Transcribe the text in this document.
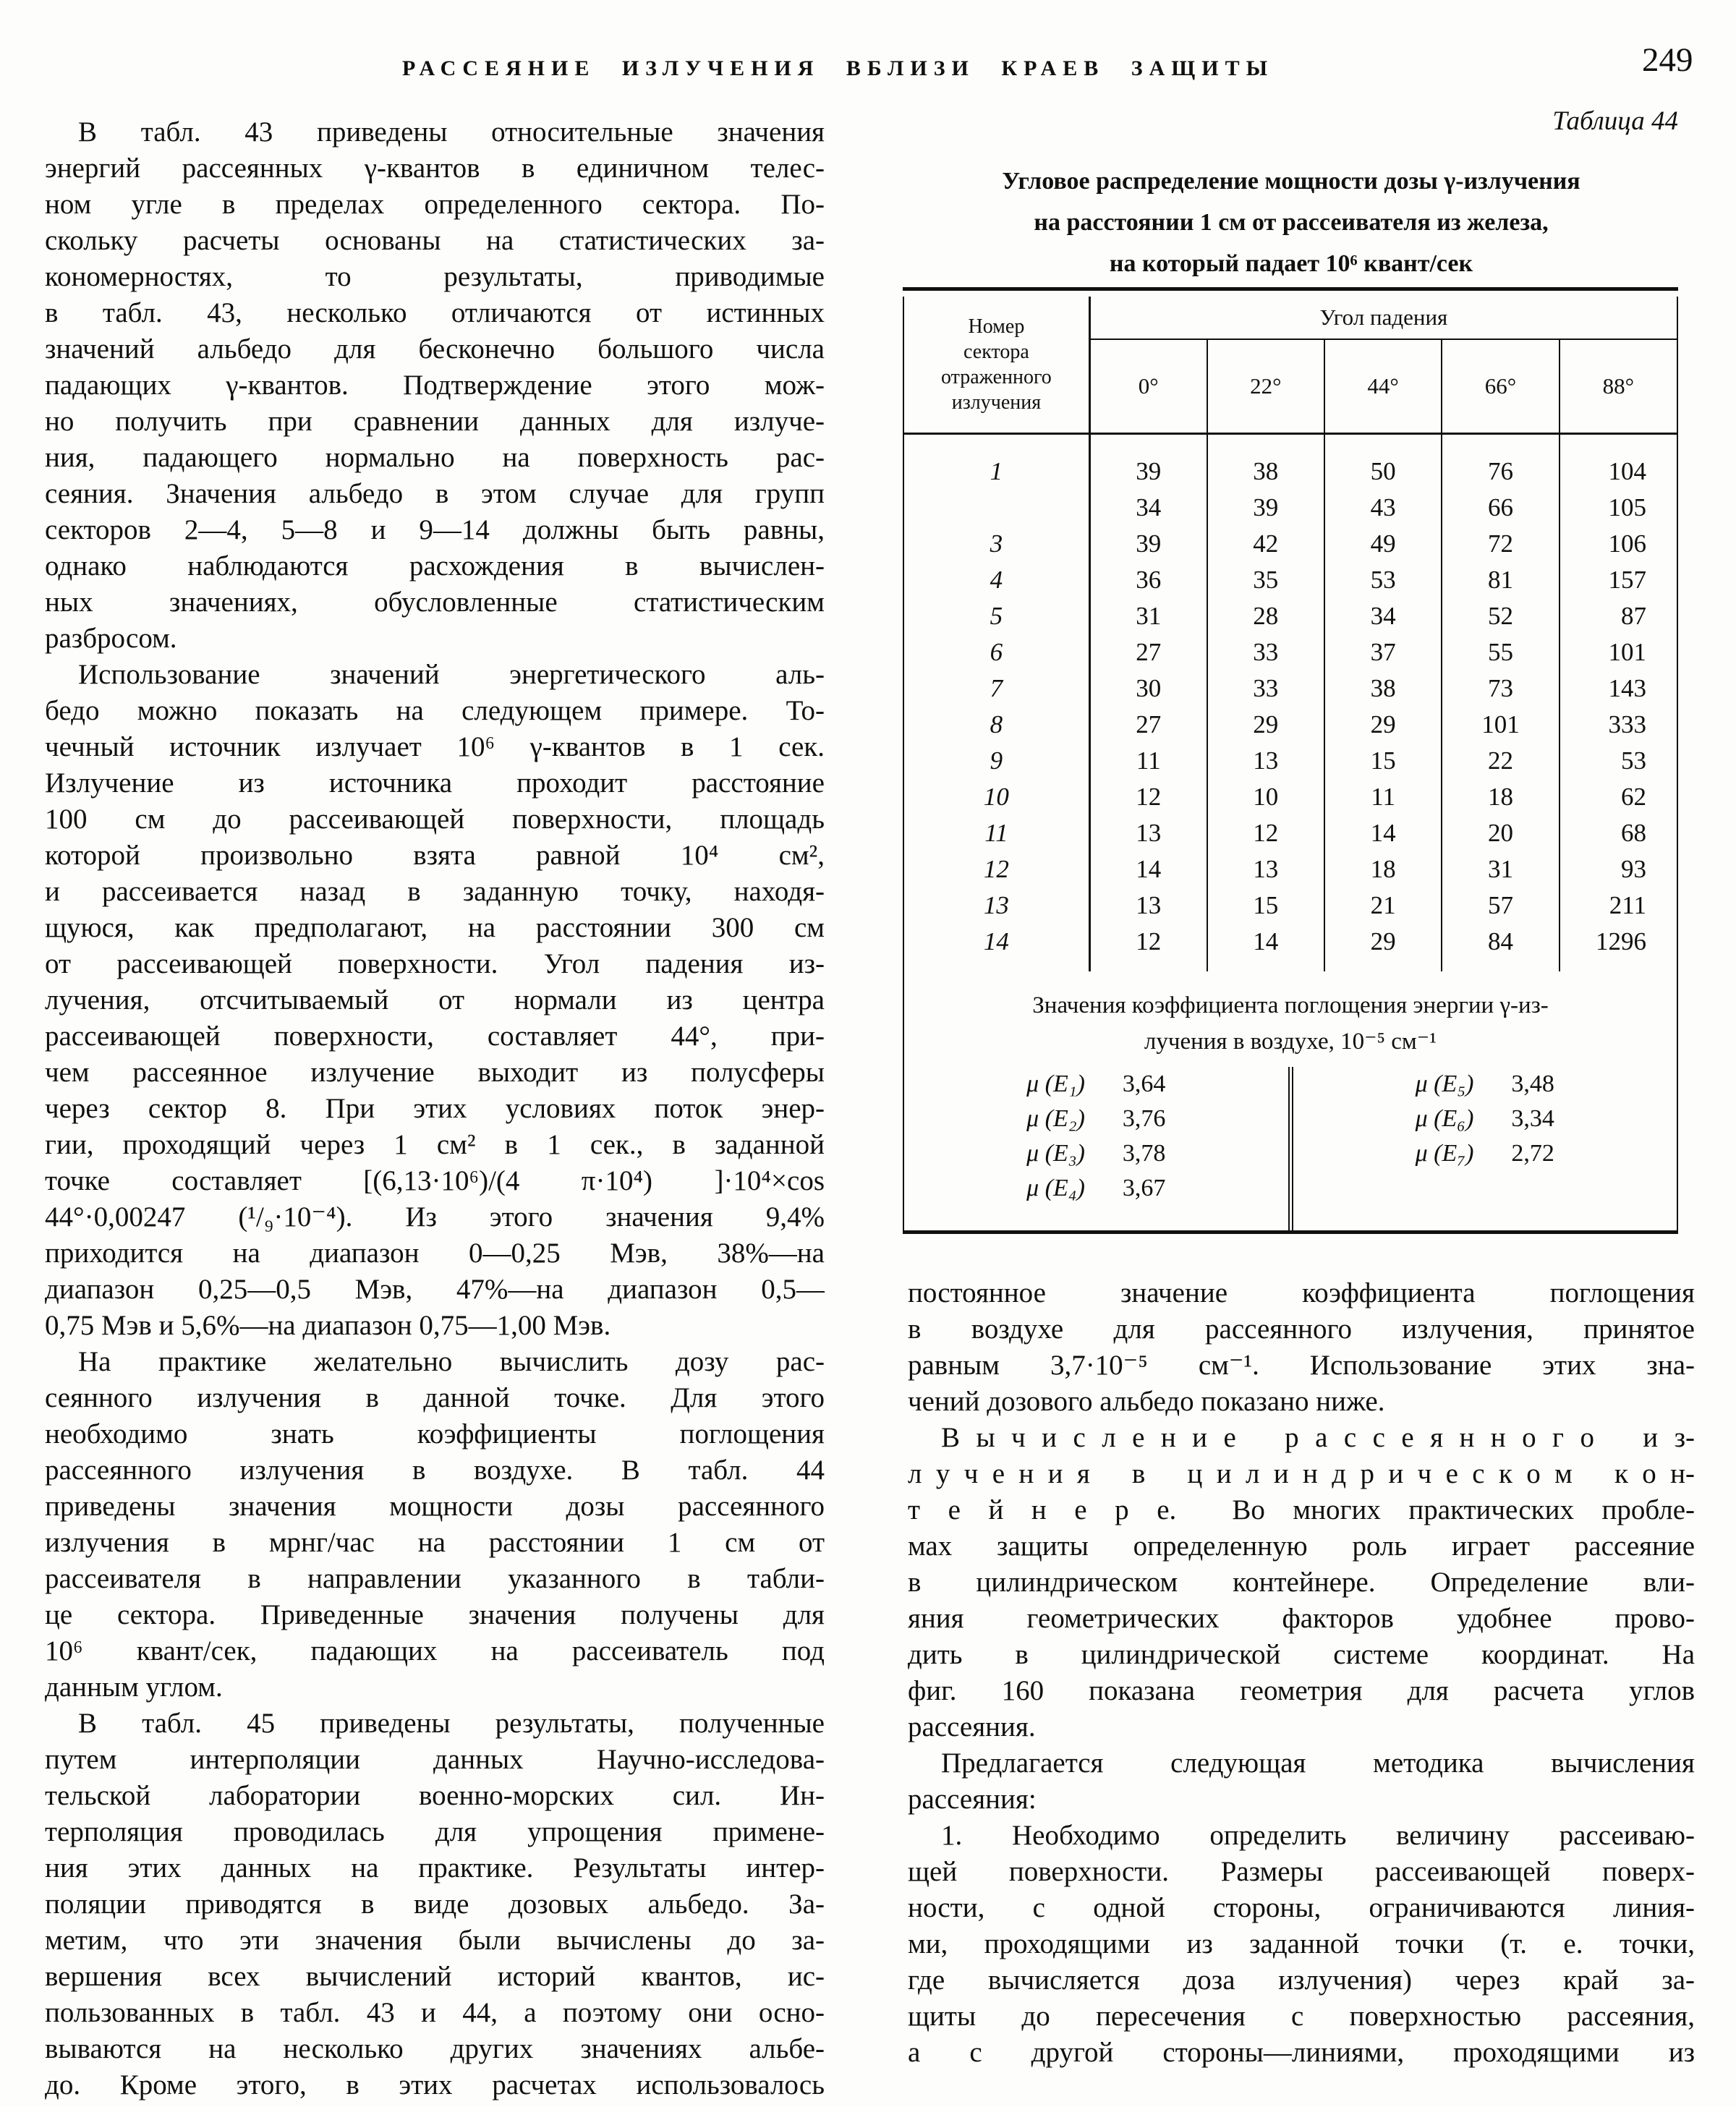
РАССЕЯНИЕ ИЗЛУЧЕНИЯ ВБЛИЗИ КРАЕВ ЗАЩИТЫ	249
В табл. 43 приведены относительные значения
энергий рассеянных γ-квантов в единичном телес-
ном угле в пределах определенного сектора. По-
скольку расчеты основаны на статистических за-
кономерностях, то результаты, приводимые
в табл. 43, несколько отличаются от истинных
значений альбедо для бесконечно большого числа
падающих γ-квантов. Подтверждение этого мож-
но получить при сравнении данных для излуче-
ния, падающего нормально на поверхность рас-
сеяния. Значения альбедо в этом случае для групп
секторов 2—4, 5—8 и 9—14 должны быть равны,
однако наблюдаются расхождения в вычислен-
ных значениях, обусловленные статистическим
разбросом.
Использование значений энергетического аль-
бедо можно показать на следующем примере. То-
чечный источник излучает 10⁶ γ-квантов в 1 сек.
Излучение из источника проходит расстояние
100 см до рассеивающей поверхности, площадь
которой произвольно взята равной 10⁴ см²,
и рассеивается назад в заданную точку, находя-
щуюся, как предполагают, на расстоянии 300 см
от рассеивающей поверхности. Угол падения из-
лучения, отсчитываемый от нормали из центра
рассеивающей поверхности, составляет 44°, при-
чем рассеянное излучение выходит из полусферы
через сектор 8. При этих условиях поток энер-
гии, проходящий через 1 см² в 1 сек., в заданной
точке составляет [(6,13·10⁶)/(4 π·10⁴) ]·10⁴×cos
44°·0,00247 (¹/₉·10⁻⁴). Из этого значения 9,4%
приходится на диапазон 0—0,25 Мэв, 38%—на
диапазон 0,25—0,5 Мэв, 47%—на диапазон 0,5—
0,75 Мэв и 5,6%—на диапазон 0,75—1,00 Мэв.
На практике желательно вычислить дозу рас-
сеянного излучения в данной точке. Для этого
необходимо знать коэффициенты поглощения
рассеянного излучения в воздухе. В табл. 44
приведены значения мощности дозы рассеянного
излучения в мрнг/час на расстоянии 1 см от
рассеивателя в направлении указанного в табли-
це сектора. Приведенные значения получены для
10⁶ квант/сек, падающих на рассеиватель под
данным углом.
В табл. 45 приведены результаты, полученные
путем интерполяции данных Научно-исследова-
тельской лаборатории военно-морских сил. Ин-
терполяция проводилась для упрощения примене-
ния этих данных на практике. Результаты интер-
поляции приводятся в виде дозовых альбедо. За-
метим, что эти значения были вычислены до за-
вершения всех вычислений историй квантов, ис-
пользованных в табл. 43 и 44, а поэтому они осно-
вываются на несколько других значениях альбе-
до. Кроме этого, в этих расчетах использовалось
Таблица 44
Угловое распределение мощности дозы γ-излучения
на расстоянии 1 см от рассеивателя из железа,
на который падает 10⁶ квант/сек
Номер
сектора
отраженного
излучения	Угол падения				
	0°	22°	44°	66°	88°
1	39	38	50	76	104
	34	39	43	66	105
3	39	42	49	72	106
4	36	35	53	81	157
5	31	28	34	52	87
6	27	33	37	55	101
7	30	33	38	73	143
8	27	29	29	101	333
9	11	13	15	22	53
10	12	10	11	18	62
11	13	12	14	20	68
12	14	13	18	31	93
13	13	15	21	57	211
14	12	14	29	84	1296
Значения коэффициента поглощения энергии γ-из-
лучения в воздухе, 10⁻⁵ см⁻¹
μ (E₁) 3,64
μ (E₂) 3,76
μ (E₃) 3,78
μ (E₄) 3,67
μ (E₅) 3,48
μ (E₆) 3,34
μ (E₇) 2,72
постоянное значение коэффициента поглощения
в воздухе для рассеянного излучения, принятое
равным 3,7·10⁻⁵ см⁻¹. Использование этих зна-
чений дозового альбедо показано ниже.
В ы ч и с л е н и е   р а с с е я н н о г о   и з-
л у ч е н и я   в   ц и л и н д р и ч е с к о м   к о н-
т е й н е р е.  Во многих практических пробле-
мах защиты определенную роль играет рассеяние
в цилиндрическом контейнере. Определение вли-
яния геометрических факторов удобнее прово-
дить в цилиндрической системе координат. На
фиг. 160 показана геометрия для расчета углов
рассеяния.
Предлагается следующая методика вычисления
рассеяния:
1. Необходимо определить величину рассеиваю-
щей поверхности. Размеры рассеивающей поверх-
ности, с одной стороны, ограничиваются линия-
ми, проходящими из заданной точки (т. е. точки,
где вычисляется доза излучения) через край за-
щиты до пересечения с поверхностью рассеяния,
а с другой стороны—линиями, проходящими из
